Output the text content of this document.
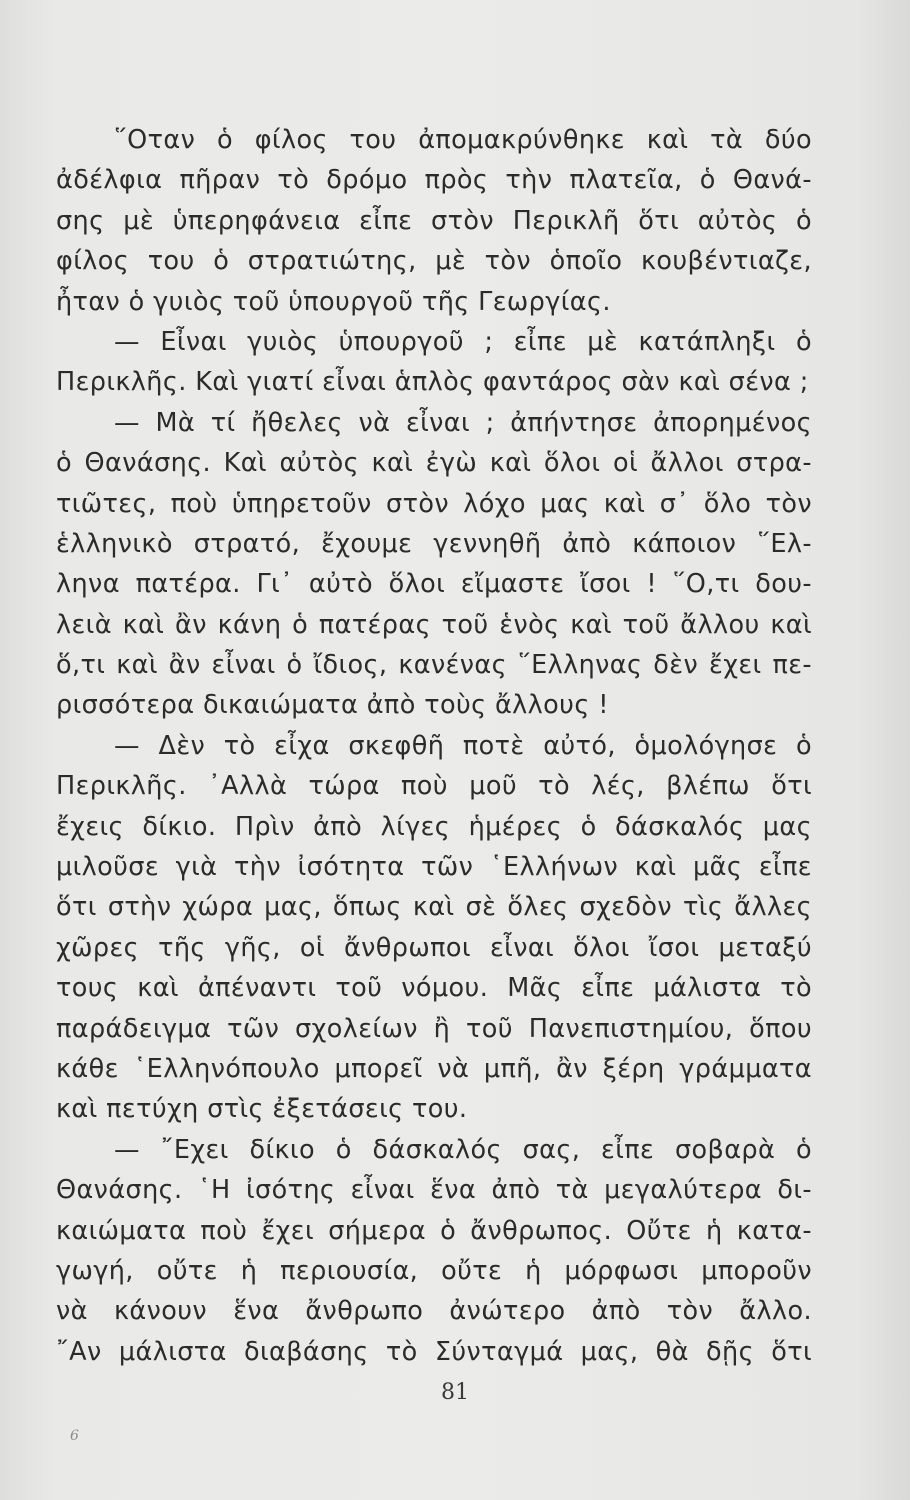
῞Οταν ὁ φίλος του ἀπομακρύνθηκε καὶ τὰ δύο
ἀδέλφια πῆραν τὸ δρόμο πρὸς τὴν πλατεῖα, ὁ Θανά-
σης μὲ ὑπερηφάνεια εἶπε στὸν Περικλῆ ὅτι αὐτὸς ὁ
φίλος του ὁ στρατιώτης, μὲ τὸν ὁποῖο κουβέντιαζε,
ἦταν ὁ γυιὸς τοῦ ὑπουργοῦ τῆς Γεωργίας.
— Εἶναι γυιὸς ὑπουργοῦ ; εἶπε μὲ κατάπληξι ὁ
Περικλῆς. Καὶ γιατί εἶναι ἁπλὸς φαντάρος σὰν καὶ σένα ;
— Μὰ τί ἤθελες νὰ εἶναι ; ἀπήντησε ἀπορημένος
ὁ Θανάσης. Καὶ αὐτὸς καὶ ἐγὼ καὶ ὅλοι οἱ ἄλλοι στρα-
τιῶτες, ποὺ ὑπηρετοῦν στὸν λόχο μας καὶ σ᾽ ὅλο τὸν
ἑλληνικὸ στρατό, ἔχουμε γεννηθῆ ἀπὸ κάποιον ῞Ελ-
ληνα πατέρα. Γι᾽ αὐτὸ ὅλοι εἴμαστε ἴσοι ! ῞Ο,τι δου-
λειὰ καὶ ἂν κάνη ὁ πατέρας τοῦ ἑνὸς καὶ τοῦ ἄλλου καὶ
ὅ,τι καὶ ἂν εἶναι ὁ ἴδιος, κανένας ῞Ελληνας δὲν ἔχει πε-
ρισσότερα δικαιώματα ἀπὸ τοὺς ἄλλους !
— Δὲν τὸ εἶχα σκεφθῆ ποτὲ αὐτό, ὁμολόγησε ὁ
Περικλῆς. ᾿Αλλὰ τώρα ποὺ μοῦ τὸ λές, βλέπω ὅτι
ἔχεις δίκιο. Πρὶν ἀπὸ λίγες ἡμέρες ὁ δάσκαλός μας
μιλοῦσε γιὰ τὴν ἰσότητα τῶν ῾Ελλήνων καὶ μᾶς εἶπε
ὅτι στὴν χώρα μας, ὅπως καὶ σὲ ὅλες σχεδὸν τὶς ἄλλες
χῶρες τῆς γῆς, οἱ ἄνθρωποι εἶναι ὅλοι ἴσοι μεταξύ
τους καὶ ἀπέναντι τοῦ νόμου. Μᾶς εἶπε μάλιστα τὸ
παράδειγμα τῶν σχολείων ἢ τοῦ Πανεπιστημίου, ὅπου
κάθε ῾Ελληνόπουλο μπορεῖ νὰ μπῆ, ἂν ξέρη γράμματα
καὶ πετύχη στὶς ἐξετάσεις του.
— ῎Εχει δίκιο ὁ δάσκαλός σας, εἶπε σοβαρὰ ὁ
Θανάσης. ῾Η ἰσότης εἶναι ἕνα ἀπὸ τὰ μεγαλύτερα δι-
καιώματα ποὺ ἔχει σήμερα ὁ ἄνθρωπος. Οὔτε ἡ κατα-
γωγή, οὔτε ἡ περιουσία, οὔτε ἡ μόρφωσι μποροῦν
νὰ κάνουν ἕνα ἄνθρωπο ἀνώτερο ἀπὸ τὸν ἄλλο.
῎Αν μάλιστα διαβάσης τὸ Σύνταγμά μας, θὰ δῇς ὅτι
81
6
